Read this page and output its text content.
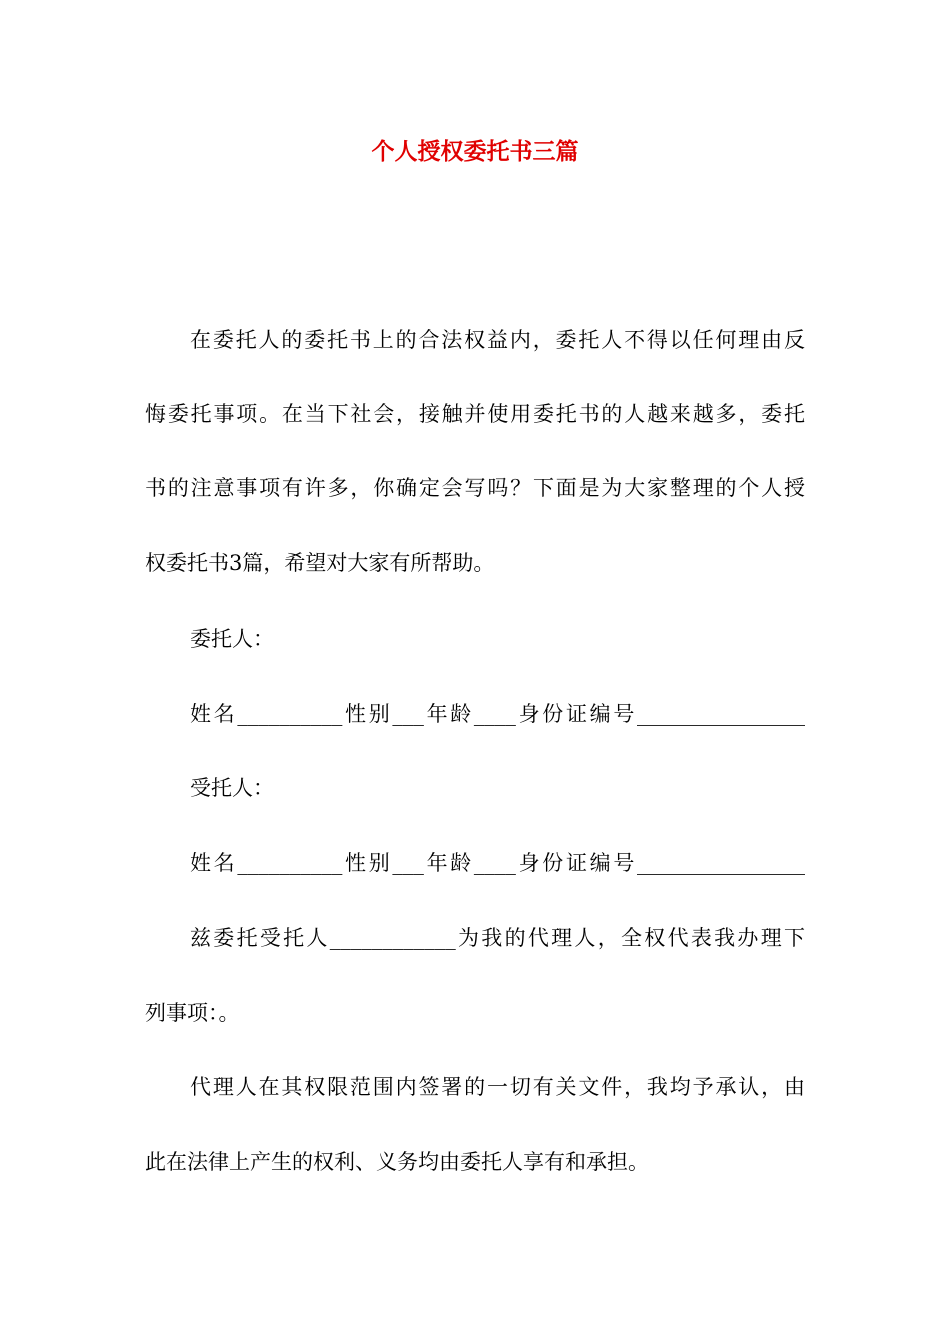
个人授权委托书三篇
在委托人的委托书上的合法权益内，委托人不得以任何理由反
悔委托事项。在当下社会，接触并使用委托书的人越来越多，委托
书的注意事项有许多，你确定会写吗？下面是为大家整理的个人授
权委托书3篇，希望对大家有所帮助。
委托人：
姓名__________性别___年龄____身份证编号________________
受托人：
姓名__________性别___年龄____身份证编号________________
兹委托受托人____________为我的代理人，全权代表我办理下
列事项：。
代理人在其权限范围内签署的一切有关文件，我均予承认，由
此在法律上产生的权利、义务均由委托人享有和承担。
